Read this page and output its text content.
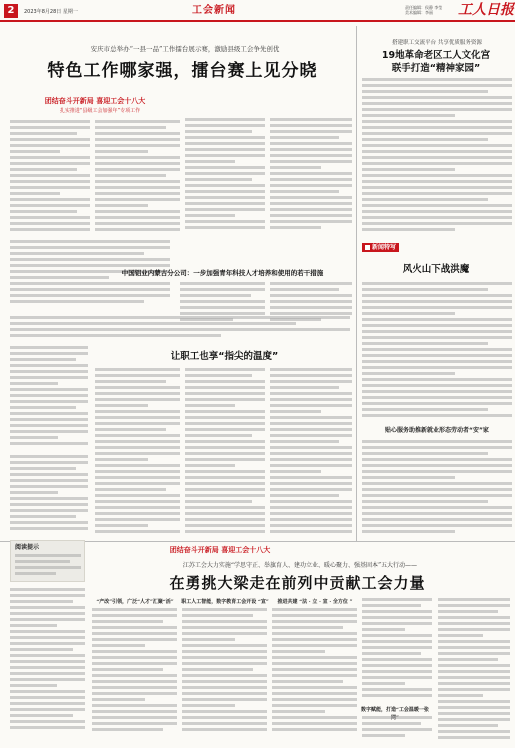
2	2023年8月28日 星期一	工会新闻	责任编辑：侯静 李莹 美术编辑：李丽	工人日报
安庆市总举办“一县一品”工作擂台展示赛，激励县级工会争先创优
特色工作哪家强，擂台赛上见分晓
团结奋斗开新局 喜迎工会十八大
扎实推进“县级工会加强年”专项工作
中国铝业内蒙古分公司：一步加强青年科技人才培养和使用的若干措施
让职工也享“指尖的温度”
搭建职工交流平台 共享优质服务资源
19地革命老区工人文化宫
联手打造“精神家园”
新闻特写
风火山下战洪魔
贴心服务助推新就业形态劳动者“安”家
阅读提示	团结奋斗开新局 喜迎工会十八大
江苏工会大力实施“学思守正、举旗育人、建功立业、暖心聚力、强基固本”五大行动——
在勇挑大梁走在前列中贡献工会力量
“产改”引领，广泛“人才”汇聚“活”	职工人工智能，数字教育工会开设 “宣”	推进共建 “法 · 立 · 宣 · 全方位 ”
数字赋能，打造“工会温暖一张
